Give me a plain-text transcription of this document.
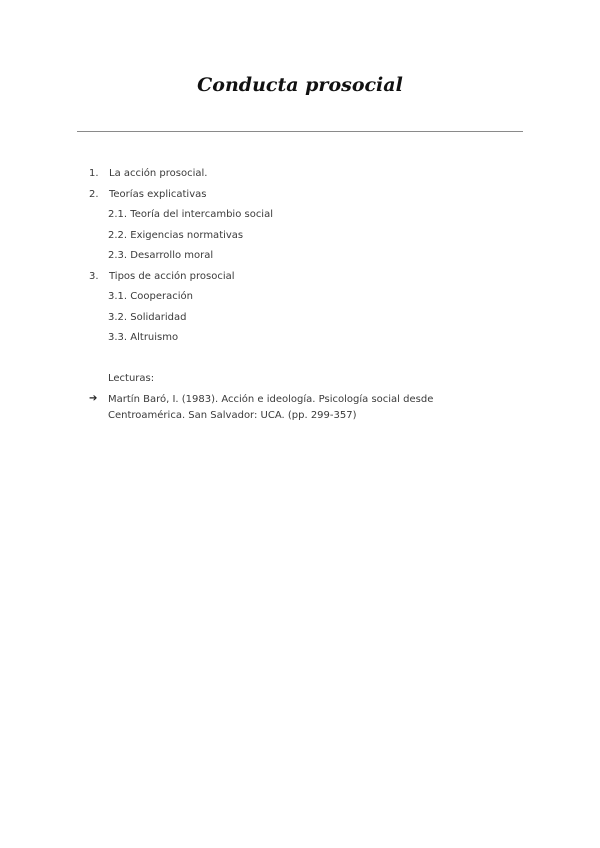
Conducta prosocial
1. La acción prosocial.
2. Teorías explicativas
2.1. Teoría del intercambio social
2.2. Exigencias normativas
2.3. Desarrollo moral
3. Tipos de acción prosocial
3.1. Cooperación
3.2. Solidaridad
3.3. Altruismo
Lecturas:
➔ Martín Baró, I. (1983). Acción e ideología. Psicología social desde Centroamérica. San Salvador: UCA. (pp. 299-357)
